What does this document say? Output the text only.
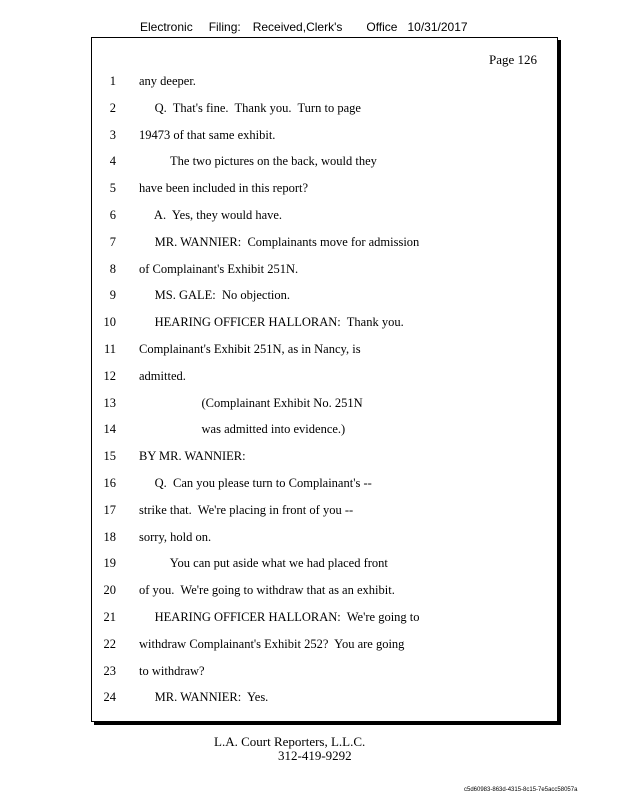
Electronic Filing: Received,Clerk's Office 10/31/2017
Page 126
1 any deeper.
2 Q.  That's fine.  Thank you.  Turn to page
3 19473 of that same exhibit.
4 The two pictures on the back, would they
5 have been included in this report?
6 A.  Yes, they would have.
7 MR. WANNIER:  Complainants move for admission
8 of Complainant's Exhibit 251N.
9 MS. GALE:  No objection.
10 HEARING OFFICER HALLORAN:  Thank you.
11 Complainant's Exhibit 251N, as in Nancy, is
12 admitted.
13 (Complainant Exhibit No. 251N
14 was admitted into evidence.)
15 BY MR. WANNIER:
16 Q.  Can you please turn to Complainant's --
17 strike that.  We're placing in front of you --
18 sorry, hold on.
19 You can put aside what we had placed front
20 of you.  We're going to withdraw that as an exhibit.
21 HEARING OFFICER HALLORAN:  We're going to
22 withdraw Complainant's Exhibit 252?  You are going
23 to withdraw?
24 MR. WANNIER:  Yes.
L.A. Court Reporters, L.L.C.
312-419-9292
c5d60983-863d-4315-8c15-7e5acc58057a
